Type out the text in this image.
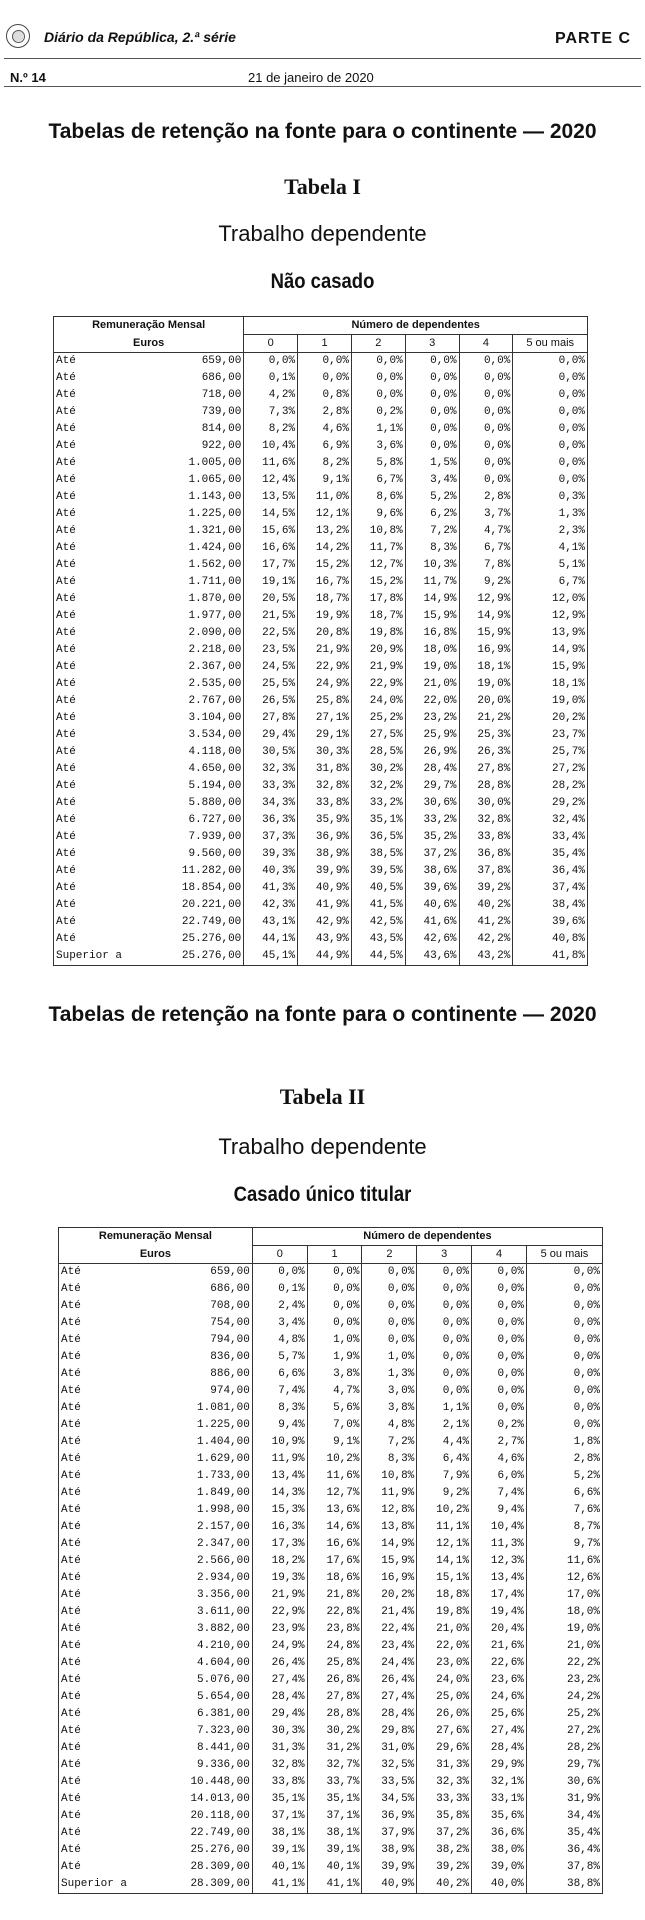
Diário da República, 2.ª série	PARTE C
N.º 14	21 de janeiro de 2020
Tabelas de retenção na fonte para o continente — 2020
Tabela I
Trabalho dependente
Não casado
Remuneração Mensal		Número de dependentes					
Euros		0	1	2	3	4	5 ou mais
Até	659,00	0,0%	0,0%	0,0%	0,0%	0,0%	0,0%
Até	686,00	0,1%	0,0%	0,0%	0,0%	0,0%	0,0%
Até	718,00	4,2%	0,8%	0,0%	0,0%	0,0%	0,0%
Até	739,00	7,3%	2,8%	0,2%	0,0%	0,0%	0,0%
Até	814,00	8,2%	4,6%	1,1%	0,0%	0,0%	0,0%
Até	922,00	10,4%	6,9%	3,6%	0,0%	0,0%	0,0%
Até	1.005,00	11,6%	8,2%	5,8%	1,5%	0,0%	0,0%
Até	1.065,00	12,4%	9,1%	6,7%	3,4%	0,0%	0,0%
Até	1.143,00	13,5%	11,0%	8,6%	5,2%	2,8%	0,3%
Até	1.225,00	14,5%	12,1%	9,6%	6,2%	3,7%	1,3%
Até	1.321,00	15,6%	13,2%	10,8%	7,2%	4,7%	2,3%
Até	1.424,00	16,6%	14,2%	11,7%	8,3%	6,7%	4,1%
Até	1.562,00	17,7%	15,2%	12,7%	10,3%	7,8%	5,1%
Até	1.711,00	19,1%	16,7%	15,2%	11,7%	9,2%	6,7%
Até	1.870,00	20,5%	18,7%	17,8%	14,9%	12,9%	12,0%
Até	1.977,00	21,5%	19,9%	18,7%	15,9%	14,9%	12,9%
Até	2.090,00	22,5%	20,8%	19,8%	16,8%	15,9%	13,9%
Até	2.218,00	23,5%	21,9%	20,9%	18,0%	16,9%	14,9%
Até	2.367,00	24,5%	22,9%	21,9%	19,0%	18,1%	15,9%
Até	2.535,00	25,5%	24,9%	22,9%	21,0%	19,0%	18,1%
Até	2.767,00	26,5%	25,8%	24,0%	22,0%	20,0%	19,0%
Até	3.104,00	27,8%	27,1%	25,2%	23,2%	21,2%	20,2%
Até	3.534,00	29,4%	29,1%	27,5%	25,9%	25,3%	23,7%
Até	4.118,00	30,5%	30,3%	28,5%	26,9%	26,3%	25,7%
Até	4.650,00	32,3%	31,8%	30,2%	28,4%	27,8%	27,2%
Até	5.194,00	33,3%	32,8%	32,2%	29,7%	28,8%	28,2%
Até	5.880,00	34,3%	33,8%	33,2%	30,6%	30,0%	29,2%
Até	6.727,00	36,3%	35,9%	35,1%	33,2%	32,8%	32,4%
Até	7.939,00	37,3%	36,9%	36,5%	35,2%	33,8%	33,4%
Até	9.560,00	39,3%	38,9%	38,5%	37,2%	36,8%	35,4%
Até	11.282,00	40,3%	39,9%	39,5%	38,6%	37,8%	36,4%
Até	18.854,00	41,3%	40,9%	40,5%	39,6%	39,2%	37,4%
Até	20.221,00	42,3%	41,9%	41,5%	40,6%	40,2%	38,4%
Até	22.749,00	43,1%	42,9%	42,5%	41,6%	41,2%	39,6%
Até	25.276,00	44,1%	43,9%	43,5%	42,6%	42,2%	40,8%
Superior a	25.276,00	45,1%	44,9%	44,5%	43,6%	43,2%	41,8%
Tabelas de retenção na fonte para o continente — 2020
Tabela II
Trabalho dependente
Casado único titular
Remuneração Mensal		Número de dependentes					
Euros		0	1	2	3	4	5 ou mais
Até	659,00	0,0%	0,0%	0,0%	0,0%	0,0%	0,0%
Até	686,00	0,1%	0,0%	0,0%	0,0%	0,0%	0,0%
Até	708,00	2,4%	0,0%	0,0%	0,0%	0,0%	0,0%
Até	754,00	3,4%	0,0%	0,0%	0,0%	0,0%	0,0%
Até	794,00	4,8%	1,0%	0,0%	0,0%	0,0%	0,0%
Até	836,00	5,7%	1,9%	1,0%	0,0%	0,0%	0,0%
Até	886,00	6,6%	3,8%	1,3%	0,0%	0,0%	0,0%
Até	974,00	7,4%	4,7%	3,0%	0,0%	0,0%	0,0%
Até	1.081,00	8,3%	5,6%	3,8%	1,1%	0,0%	0,0%
Até	1.225,00	9,4%	7,0%	4,8%	2,1%	0,2%	0,0%
Até	1.404,00	10,9%	9,1%	7,2%	4,4%	2,7%	1,8%
Até	1.629,00	11,9%	10,2%	8,3%	6,4%	4,6%	2,8%
Até	1.733,00	13,4%	11,6%	10,8%	7,9%	6,0%	5,2%
Até	1.849,00	14,3%	12,7%	11,9%	9,2%	7,4%	6,6%
Até	1.998,00	15,3%	13,6%	12,8%	10,2%	9,4%	7,6%
Até	2.157,00	16,3%	14,6%	13,8%	11,1%	10,4%	8,7%
Até	2.347,00	17,3%	16,6%	14,9%	12,1%	11,3%	9,7%
Até	2.566,00	18,2%	17,6%	15,9%	14,1%	12,3%	11,6%
Até	2.934,00	19,3%	18,6%	16,9%	15,1%	13,4%	12,6%
Até	3.356,00	21,9%	21,8%	20,2%	18,8%	17,4%	17,0%
Até	3.611,00	22,9%	22,8%	21,4%	19,8%	19,4%	18,0%
Até	3.882,00	23,9%	23,8%	22,4%	21,0%	20,4%	19,0%
Até	4.210,00	24,9%	24,8%	23,4%	22,0%	21,6%	21,0%
Até	4.604,00	26,4%	25,8%	24,4%	23,0%	22,6%	22,2%
Até	5.076,00	27,4%	26,8%	26,4%	24,0%	23,6%	23,2%
Até	5.654,00	28,4%	27,8%	27,4%	25,0%	24,6%	24,2%
Até	6.381,00	29,4%	28,8%	28,4%	26,0%	25,6%	25,2%
Até	7.323,00	30,3%	30,2%	29,8%	27,6%	27,4%	27,2%
Até	8.441,00	31,3%	31,2%	31,0%	29,6%	28,4%	28,2%
Até	9.336,00	32,8%	32,7%	32,5%	31,3%	29,9%	29,7%
Até	10.448,00	33,8%	33,7%	33,5%	32,3%	32,1%	30,6%
Até	14.013,00	35,1%	35,1%	34,5%	33,3%	33,1%	31,9%
Até	20.118,00	37,1%	37,1%	36,9%	35,8%	35,6%	34,4%
Até	22.749,00	38,1%	38,1%	37,9%	37,2%	36,6%	35,4%
Até	25.276,00	39,1%	39,1%	38,9%	38,2%	38,0%	36,4%
Até	28.309,00	40,1%	40,1%	39,9%	39,2%	39,0%	37,8%
Superior a	28.309,00	41,1%	41,1%	40,9%	40,2%	40,0%	38,8%
